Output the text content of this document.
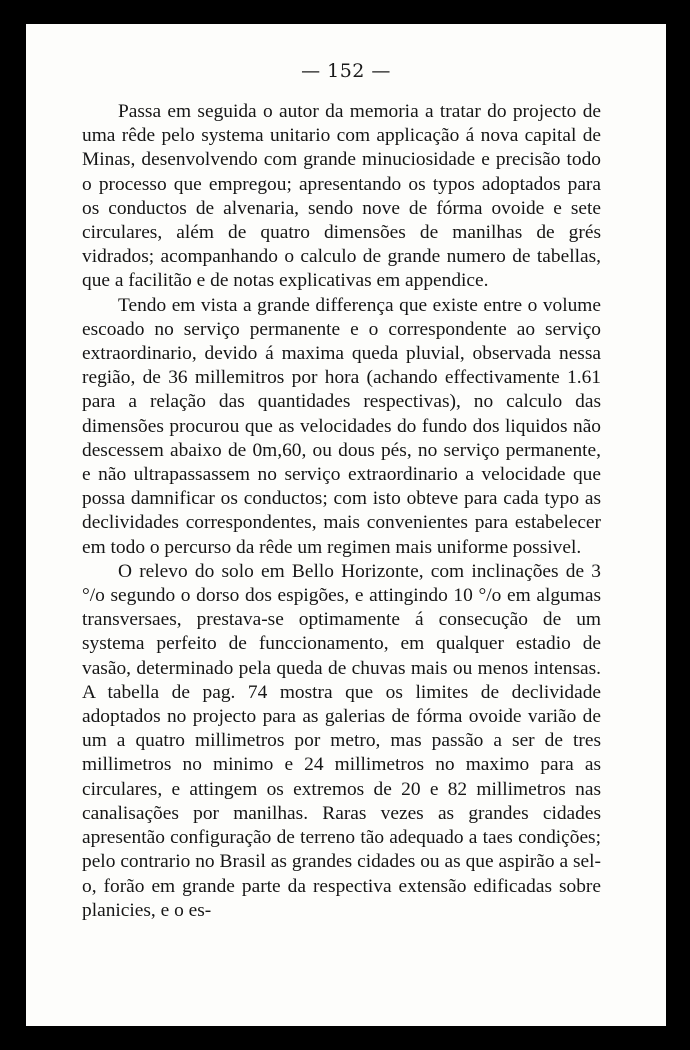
— 152 —

Passa em seguida o autor da memoria a tratar do projecto de uma rêde pelo systema unitario com applicação á nova capital de Minas, desenvolvendo com grande minuciosidade e precisão todo o processo que empregou; apresentando os typos adoptados para os conductos de alvenaria, sendo nove de fórma ovoide e sete circulares, além de quatro dimensões de manilhas de grés vidrados; acompanhando o calculo de grande numero de tabellas, que a facilitão e de notas explicativas em appendice.

Tendo em vista a grande differença que existe entre o volume escoado no serviço permanente e o correspondente ao serviço extraordinario, devido á maxima queda pluvial, observada nessa região, de 36 millemitros por hora (achando effectivamente 1.61 para a relação das quantidades respectivas), no calculo das dimensões procurou que as velocidades do fundo dos liquidos não descessem abaixo de 0m,60, ou dous pés, no serviço permanente, e não ultrapassassem no serviço extraordinario a velocidade que possa damnificar os conductos; com isto obteve para cada typo as declividades correspondentes, mais convenientes para estabelecer em todo o percurso da rêde um regimen mais uniforme possivel.

O relevo do solo em Bello Horizonte, com inclinações de 3 °/o segundo o dorso dos espigões, e attingindo 10 °/o em algumas transversaes, prestava-se optimamente á consecução de um systema perfeito de funccionamento, em qualquer estadio de vasão, determinado pela queda de chuvas mais ou menos intensas. A tabella de pag. 74 mostra que os limites de declividade adoptados no projecto para as galerias de fórma ovoide varião de um a quatro millimetros por metro, mas passão a ser de tres millimetros no minimo e 24 millimetros no maximo para as circulares, e attingem os extremos de 20 e 82 millimetros nas canalisações por manilhas. Raras vezes as grandes cidades apresentão configuração de terreno tão adequado a taes condições; pelo contrario no Brasil as grandes cidades ou as que aspirão a sel-o, forão em grande parte da respectiva extensão edificadas sobre planicies, e o es-
